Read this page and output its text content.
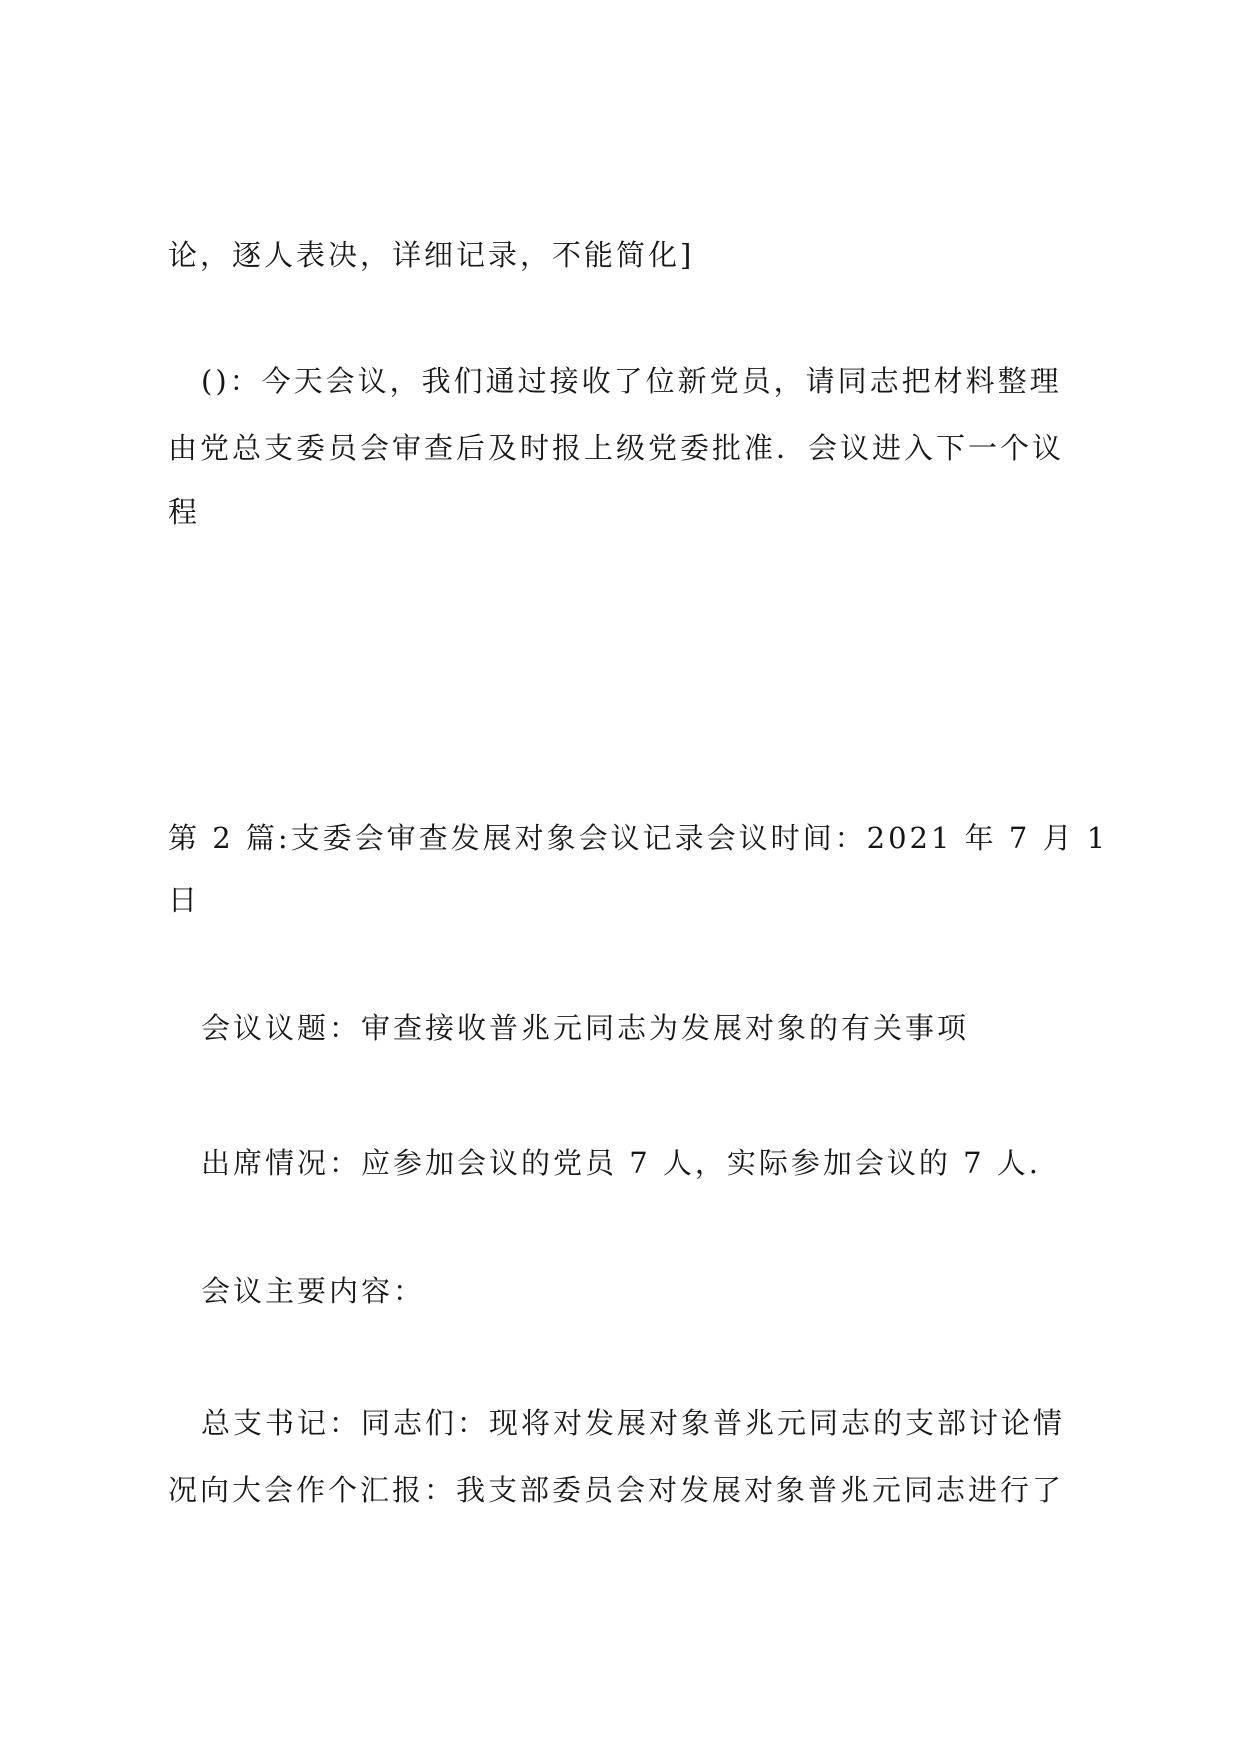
论，逐人表决，详细记录，不能简化]
()：今天会议，我们通过接收了位新党员，请同志把材料整理
由党总支委员会审查后及时报上级党委批准．会议进入下一个议
程
第 2 篇:支委会审查发展对象会议记录会议时间：2021 年 7 月 1
日
会议议题：审查接收普兆元同志为发展对象的有关事项
出席情况：应参加会议的党员 7 人，实际参加会议的 7 人.
会议主要内容：
总支书记：同志们：现将对发展对象普兆元同志的支部讨论情
况向大会作个汇报：我支部委员会对发展对象普兆元同志进行了
